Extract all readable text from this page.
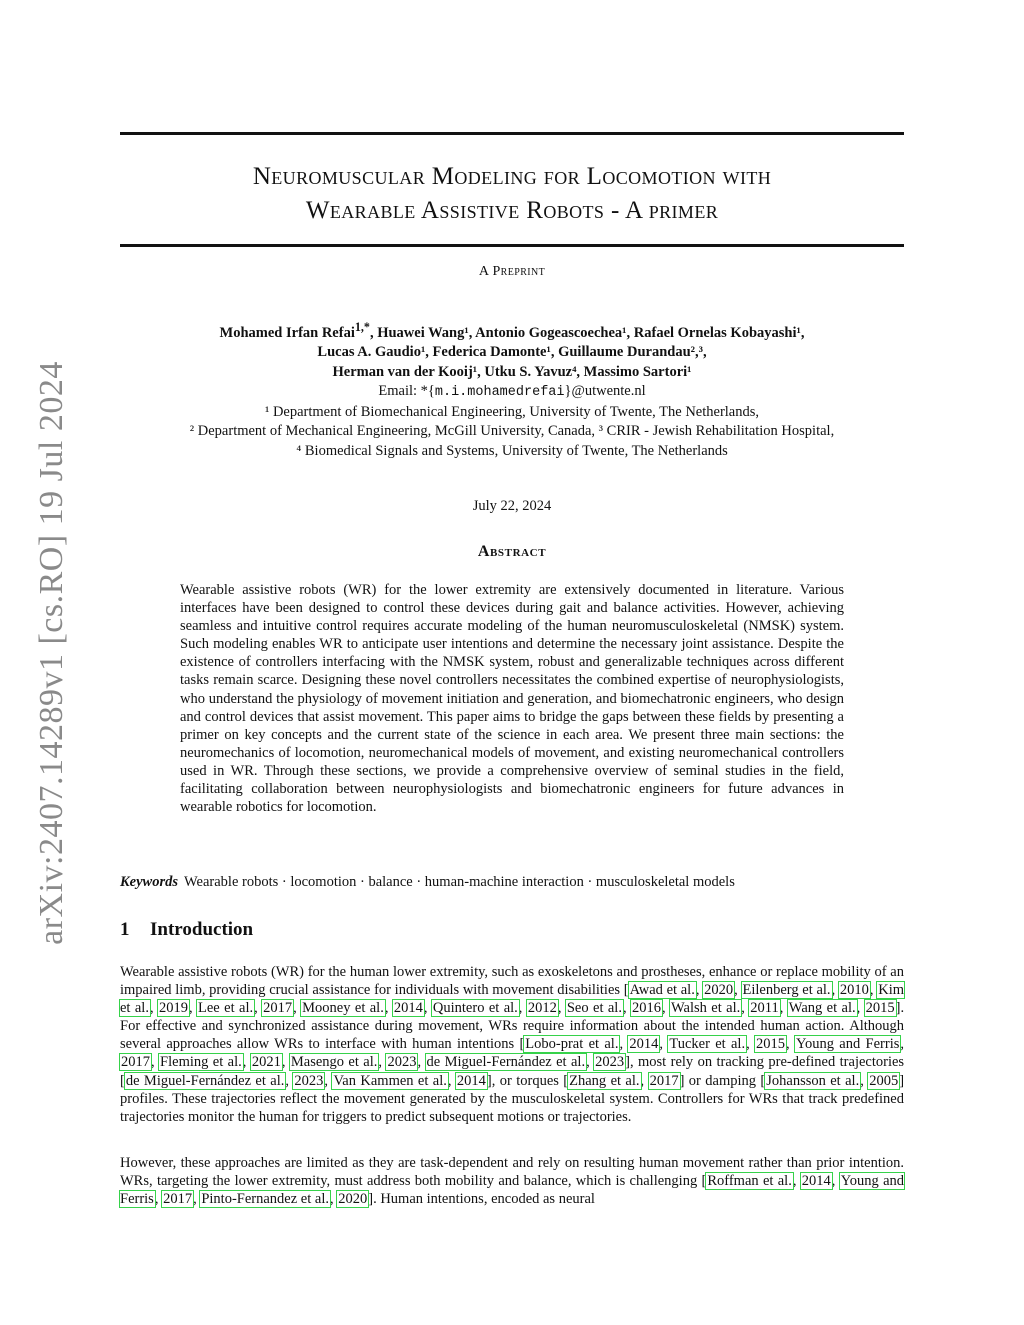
arXiv:2407.14289v1 [cs.RO] 19 Jul 2024
Neuromuscular Modeling for Locomotion with
Wearable Assistive Robots - A primer
A Preprint
Mohamed Irfan Refai$^{1,*}$, Huawei Wang¹, Antonio Gogeascoechea¹, Rafael Ornelas Kobayashi¹,
Lucas A. Gaudio¹, Federica Damonte¹, Guillaume Durandau²,³,
Herman van der Kooij¹, Utku S. Yavuz⁴, Massimo Sartori¹
Email: *{m.i.mohamedrefai}@utwente.nl
¹ Department of Biomechanical Engineering, University of Twente, The Netherlands,
² Department of Mechanical Engineering, McGill University, Canada, ³ CRIR - Jewish Rehabilitation Hospital,
⁴ Biomedical Signals and Systems, University of Twente, The Netherlands
July 22, 2024
Abstract
Wearable assistive robots (WR) for the lower extremity are extensively documented in literature. Various interfaces have been designed to control these devices during gait and balance activities. However, achieving seamless and intuitive control requires accurate modeling of the human neuromusculoskeletal (NMSK) system. Such modeling enables WR to anticipate user intentions and determine the necessary joint assistance. Despite the existence of controllers interfacing with the NMSK system, robust and generalizable techniques across different tasks remain scarce. Designing these novel controllers necessitates the combined expertise of neurophysiologists, who understand the physiology of movement initiation and generation, and biomechatronic engineers, who design and control devices that assist movement. This paper aims to bridge the gaps between these fields by presenting a primer on key concepts and the current state of the science in each area. We present three main sections: the neuromechanics of locomotion, neuromechanical models of movement, and existing neuromechanical controllers used in WR. Through these sections, we provide a comprehensive overview of seminal studies in the field, facilitating collaboration between neurophysiologists and biomechatronic engineers for future advances in wearable robotics for locomotion.
Keywords Wearable robots · locomotion · balance · human-machine interaction · musculoskeletal models
1 Introduction
Wearable assistive robots (WR) for the human lower extremity, such as exoskeletons and prostheses, enhance or replace mobility of an impaired limb, providing crucial assistance for individuals with movement disabilities [Awad et al., 2020, Eilenberg et al., 2010, Kim et al., 2019, Lee et al., 2017, Mooney et al., 2014, Quintero et al., 2012, Seo et al., 2016, Walsh et al., 2011, Wang et al., 2015]. For effective and synchronized assistance during movement, WRs require information about the intended human action. Although several approaches allow WRs to interface with human intentions [Lobo-prat et al., 2014, Tucker et al., 2015, Young and Ferris, 2017, Fleming et al., 2021, Masengo et al., 2023, de Miguel-Fernández et al., 2023], most rely on tracking pre-defined trajectories [de Miguel-Fernández et al., 2023, Van Kammen et al., 2014], or torques [Zhang et al., 2017] or damping [Johansson et al., 2005] profiles. These trajectories reflect the movement generated by the musculoskeletal system. Controllers for WRs that track predefined trajectories monitor the human for triggers to predict subsequent motions or trajectories.
However, these approaches are limited as they are task-dependent and rely on resulting human movement rather than prior intention. WRs, targeting the lower extremity, must address both mobility and balance, which is challenging [Roffman et al., 2014, Young and Ferris, 2017, Pinto-Fernandez et al., 2020]. Human intentions, encoded as neural
